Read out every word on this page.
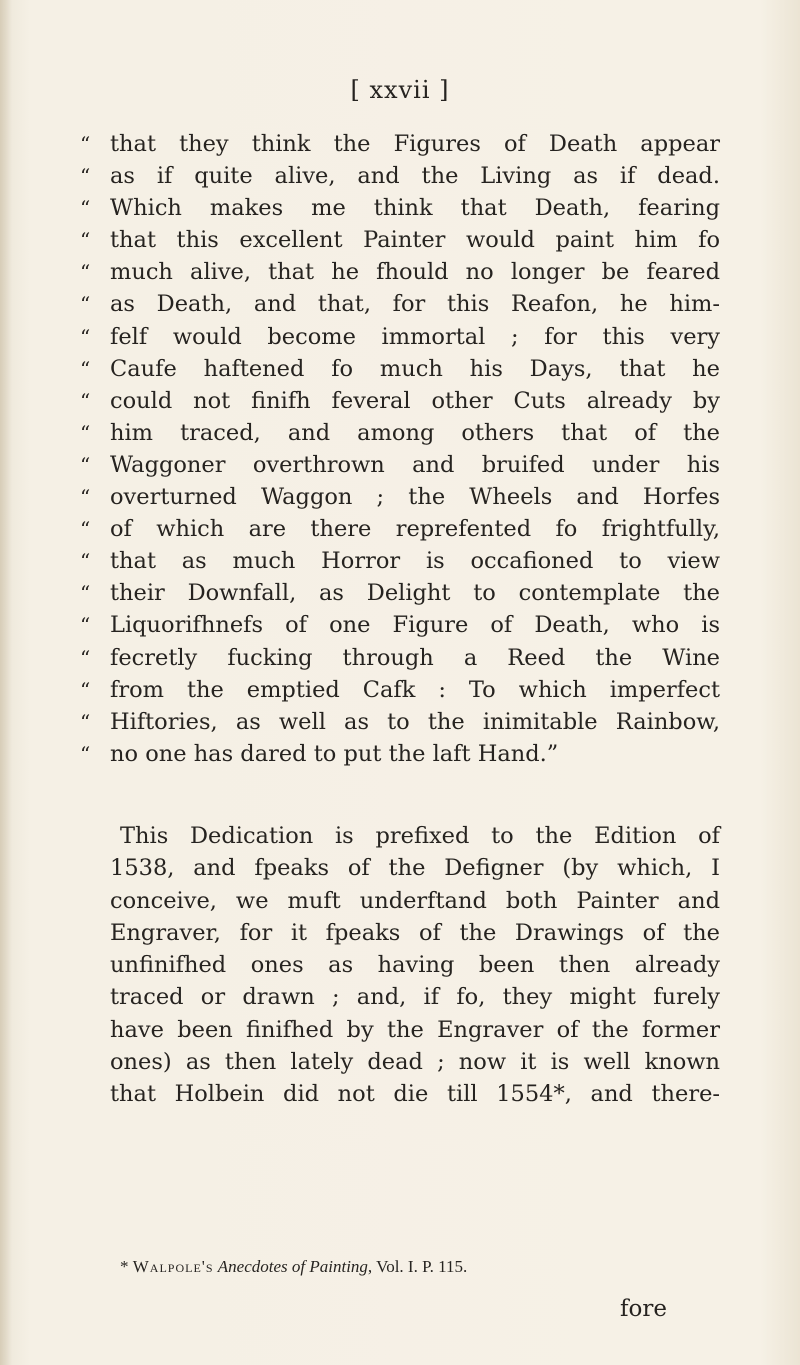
[ xxvii ]
“ that they think the Figures of Death appear
“ as if quite alive, and the Living as if dead.
“ Which makes me think that Death, fearing
“ that this excellent Painter would paint him fo
“ much alive, that he fhould no longer be feared
“ as Death, and that, for this Reafon, he him-
“ felf would become immortal ; for this very
“ Caufe haftened fo much his Days, that he
“ could not finifh feveral other Cuts already by
“ him traced, and among others that of the
“ Waggoner overthrown and bruifed under his
“ overturned Waggon ; the Wheels and Horfes
“ of which are there reprefented fo frightfully,
“ that as much Horror is occafioned to view
“ their Downfall, as Delight to contemplate the
“ Liquorifhnefs of one Figure of Death, who is
“ fecretly fucking through a Reed the Wine
“ from the emptied Cafk : To which imperfect
“ Hiftories, as well as to the inimitable Rainbow,
“ no one has dared to put the laft Hand.”
This Dedication is prefixed to the Edition of
1538, and fpeaks of the Defigner (by which, I
conceive, we muft underftand both Painter and
Engraver, for it fpeaks of the Drawings of the
unfinifhed ones as having been then already
traced or drawn ; and, if fo, they might furely
have been finifhed by the Engraver of the former
ones) as then lately dead ; now it is well known
that Holbein did not die till 1554*, and there-
* Walpole's Anecdotes of Painting, Vol. I. P. 115.
fore
